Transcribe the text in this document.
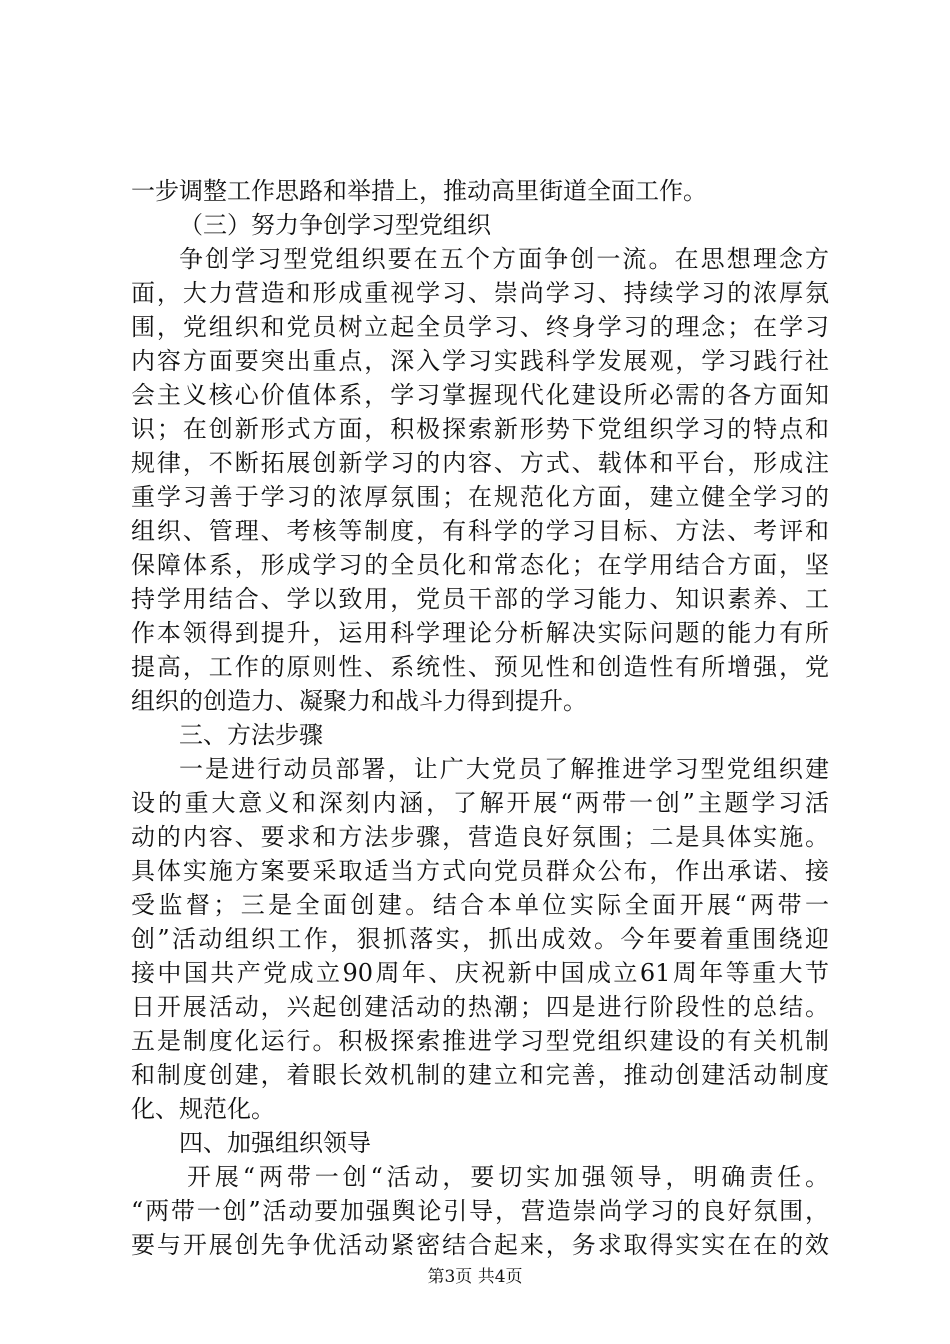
一步调整工作思路和举措上，推动高里街道全面工作。
（三）努力争创学习型党组织
争创学习型党组织要在五个方面争创一流。在思想理念方
面，大力营造和形成重视学习、崇尚学习、持续学习的浓厚氛
围，党组织和党员树立起全员学习、终身学习的理念；在学习
内容方面要突出重点，深入学习实践科学发展观，学习践行社
会主义核心价值体系，学习掌握现代化建设所必需的各方面知
识；在创新形式方面，积极探索新形势下党组织学习的特点和
规律，不断拓展创新学习的内容、方式、载体和平台，形成注
重学习善于学习的浓厚氛围；在规范化方面，建立健全学习的
组织、管理、考核等制度，有科学的学习目标、方法、考评和
保障体系，形成学习的全员化和常态化；在学用结合方面，坚
持学用结合、学以致用，党员干部的学习能力、知识素养、工
作本领得到提升，运用科学理论分析解决实际问题的能力有所
提高，工作的原则性、系统性、预见性和创造性有所增强，党
组织的创造力、凝聚力和战斗力得到提升。
三、方法步骤
一是进行动员部署，让广大党员了解推进学习型党组织建
设的重大意义和深刻内涵，了解开展“两带一创”主题学习活
动的内容、要求和方法步骤，营造良好氛围；二是具体实施。
具体实施方案要采取适当方式向党员群众公布，作出承诺、接
受监督；三是全面创建。结合本单位实际全面开展“两带一
创”活动组织工作，狠抓落实，抓出成效。今年要着重围绕迎
接中国共产党成立90周年、庆祝新中国成立61周年等重大节
日开展活动，兴起创建活动的热潮；四是进行阶段性的总结。
五是制度化运行。积极探索推进学习型党组织建设的有关机制
和制度创建，着眼长效机制的建立和完善，推动创建活动制度
化、规范化。
四、加强组织领导
开展“两带一创“活动，要切实加强领导，明确责任。
“两带一创”活动要加强舆论引导，营造崇尚学习的良好氛围，
要与开展创先争优活动紧密结合起来，务求取得实实在在的效
第3页 共4页
